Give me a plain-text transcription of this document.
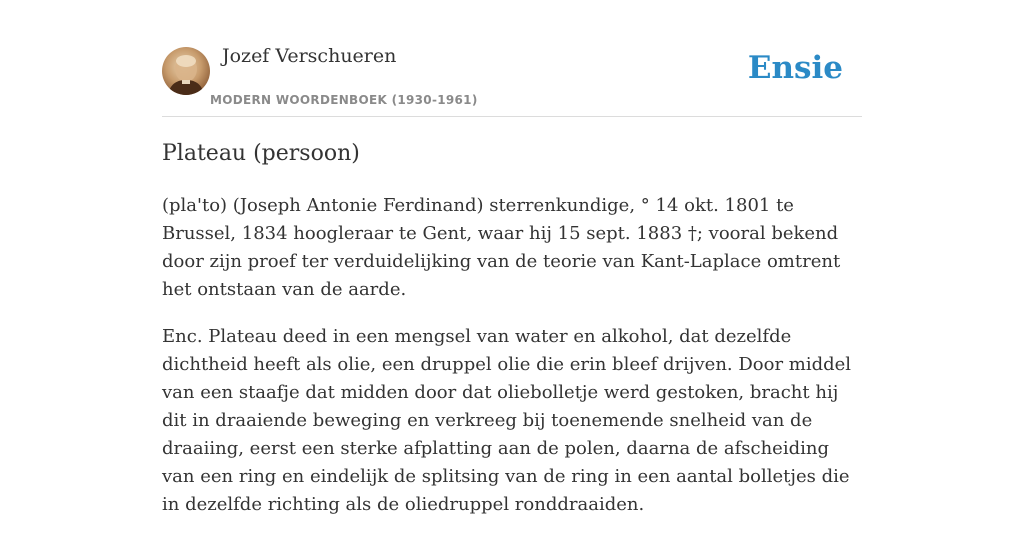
Jozef Verschueren
MODERN WOORDENBOEK (1930-1961)
Ensie
Plateau (persoon)

(pla'to) (Joseph Antonie Ferdinand) sterrenkundige, ° 14 okt. 1801 te Brussel, 1834 hoogleraar te Gent, waar hij 15 sept. 1883 †; vooral bekend door zijn proef ter verduidelijking van de teorie van Kant-Laplace omtrent het ontstaan van de aarde.

Enc. Plateau deed in een mengsel van water en alkohol, dat dezelfde dichtheid heeft als olie, een druppel olie die erin bleef drijven. Door middel van een staafje dat midden door dat oliebolletje werd gestoken, bracht hij dit in draaiende beweging en verkreeg bij toenemende snelheid van de draaiing, eerst een sterke afplatting aan de polen, daarna de afscheiding van een ring en eindelijk de splitsing van de ring in een aantal bolletjes die in dezelfde richting als de oliedruppel ronddraaiden.
